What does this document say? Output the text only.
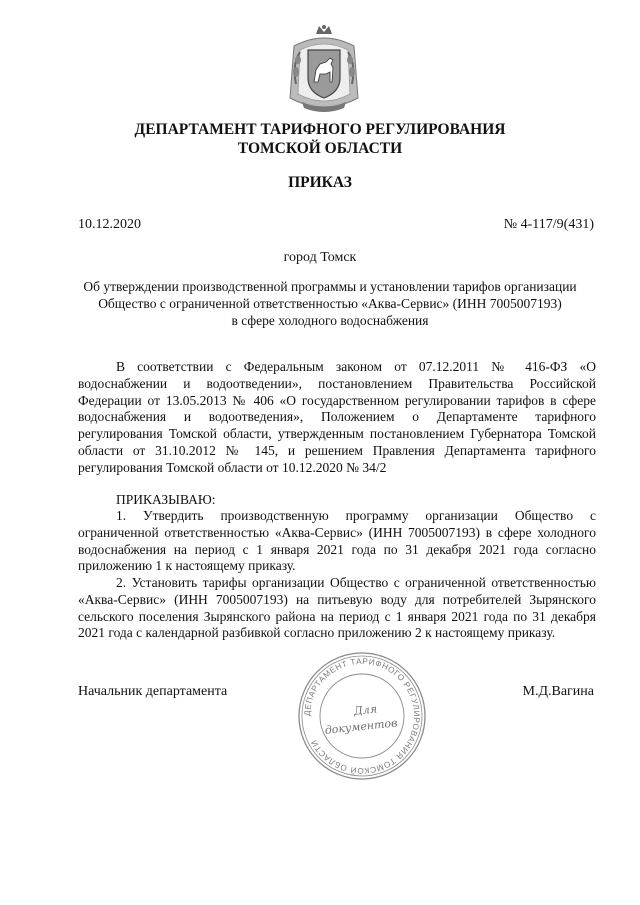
ДЕПАРТАМЕНТ ТАРИФНОГО РЕГУЛИРОВАНИЯ
ТОМСКОЙ ОБЛАСТИ
ПРИКАЗ
10.12.2020	№ 4-117/9(431)
город Томск
Об утверждении производственной программы и установлении тарифов организации
Общество с ограниченной ответственностью «Аква-Сервис» (ИНН 7005007193)
в сфере холодного водоснабжения
В соответствии с Федеральным законом от 07.12.2011 № 416-ФЗ «О водоснабжении и водоотведении», постановлением Правительства Российской Федерации от 13.05.2013 № 406 «О государственном регулировании тарифов в сфере водоснабжения и водоотведения», Положением о Департаменте тарифного регулирования Томской области, утвержденным постановлением Губернатора Томской области от 31.10.2012 № 145, и решением Правления Департамента тарифного регулирования Томской области от 10.12.2020 № 34/2
ПРИКАЗЫВАЮ:
1. Утвердить производственную программу организации Общество с ограниченной ответственностью «Аква-Сервис» (ИНН 7005007193) в сфере холодного водоснабжения на период с 1 января 2021 года по 31 декабря 2021 года согласно приложению 1 к настоящему приказу.
2. Установить тарифы организации Общество с ограниченной ответственностью «Аква-Сервис» (ИНН 7005007193) на питьевую воду для потребителей Зырянского сельского поселения Зырянского района на период с 1 января 2021 года по 31 декабря 2021 года с календарной разбивкой согласно приложению 2 к настоящему приказу.
Начальник департамента	М.Д.Вагина
ДЕПАРТАМЕНТ ТАРИФНОГО РЕГУЛИРОВАНИЯ ТОМСКОЙ ОБЛАСТИ
Для
документов
